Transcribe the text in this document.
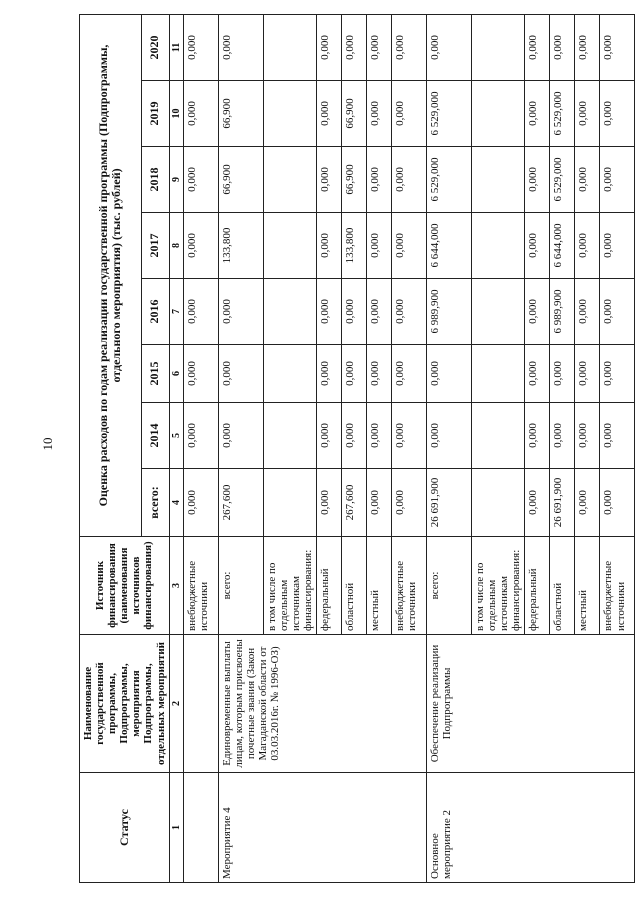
10
Статус	Наименование государственной программы, Подпрограммы, мероприятия Подпрограммы, отдельных мероприятий	Источник финансирования (наименования источников финансирования)	Оценка расходов по годам реализации государственной программы (Подпрограммы, отдельного мероприятия) (тыс. рублей)							
			всего:	2014	2015	2016	2017	2018	2019	2020
1	2	3	4	5	6	7	8	9	10	11
		внебюджетные источники	0,000	0,000	0,000	0,000	0,000	0,000	0,000	0,000
Мероприятие 4	Единовременные выплаты лицам, которым присвоены почетные звания (Закон Магаданской области от 03.03.2016г. № 1996-ОЗ)	всего:	267,600	0,000	0,000	0,000	133,800	66,900	66,900	0,000
		в том числе по отдельным источникам финансирования:								
		федеральный	0,000	0,000	0,000	0,000	0,000	0,000	0,000	0,000
		областной	267,600	0,000	0,000	0,000	133,800	66,900	66,900	0,000
		местный	0,000	0,000	0,000	0,000	0,000	0,000	0,000	0,000
		внебюджетные источники	0,000	0,000	0,000	0,000	0,000	0,000	0,000	0,000
Основное мероприятие 2	Обеспечение реализации Подпрограммы	всего:	26 691,900	0,000	0,000	6 989,900	6 644,000	6 529,000	6 529,000	0,000
		в том числе по отдельным источникам финансирования:								
		федеральный	0,000	0,000	0,000	0,000	0,000	0,000	0,000	0,000
		областной	26 691,900	0,000	0,000	6 989,900	6 644,000	6 529,000	6 529,000	0,000
		местный	0,000	0,000	0,000	0,000	0,000	0,000	0,000	0,000
		внебюджетные источники	0,000	0,000	0,000	0,000	0,000	0,000	0,000	0,000
